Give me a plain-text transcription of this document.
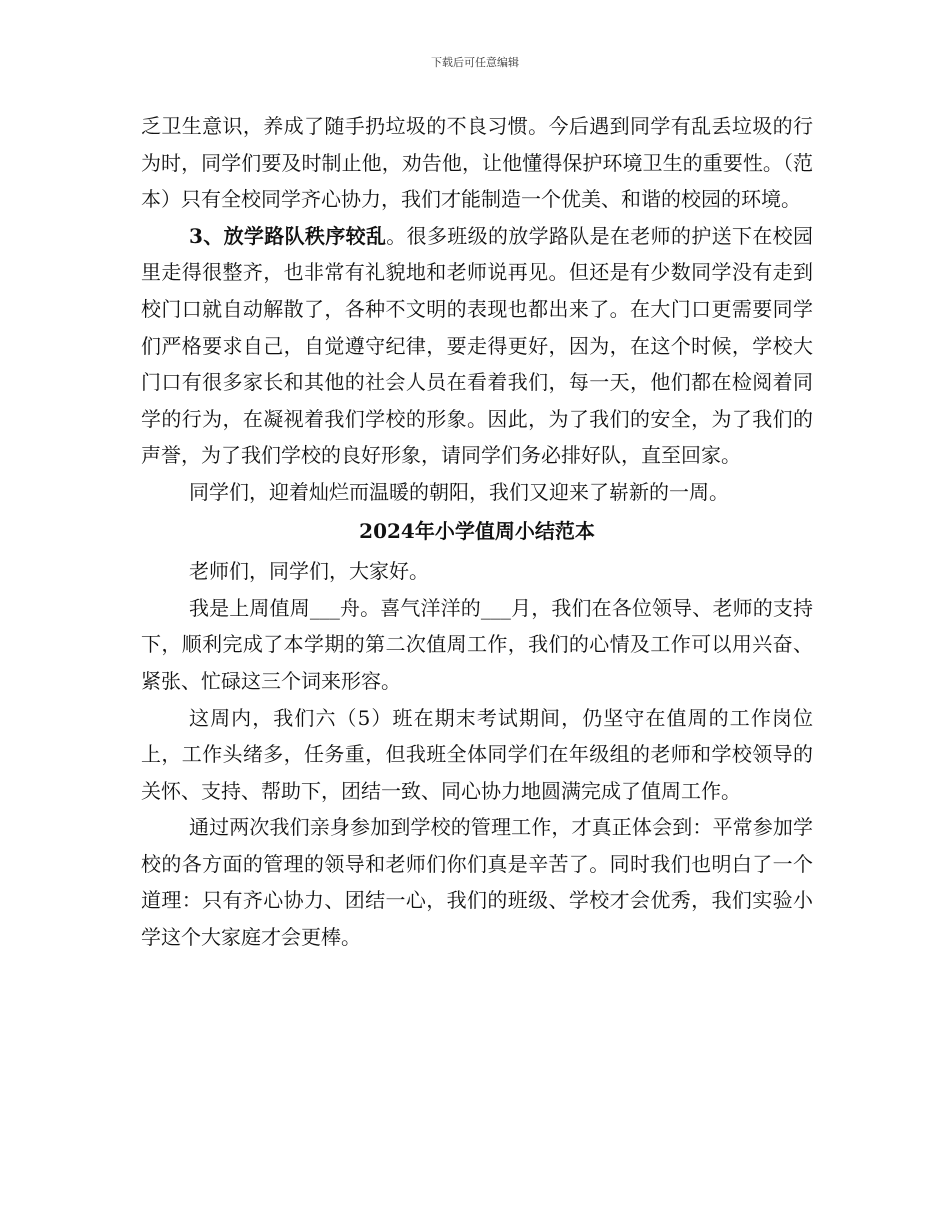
下载后可任意编辑

乏卫生意识，养成了随手扔垃圾的不良习惯。今后遇到同学有乱丢垃圾的行为时，同学们要及时制止他，劝告他，让他懂得保护环境卫生的重要性。（范本）只有全校同学齐心协力，我们才能制造一个优美、和谐的校园的环境。

3、放学路队秩序较乱。很多班级的放学路队是在老师的护送下在校园里走得很整齐，也非常有礼貌地和老师说再见。但还是有少数同学没有走到校门口就自动解散了，各种不文明的表现也都出来了。在大门口更需要同学们严格要求自己，自觉遵守纪律，要走得更好，因为，在这个时候，学校大门口有很多家长和其他的社会人员在看着我们，每一天，他们都在检阅着同学的行为，在凝视着我们学校的形象。因此，为了我们的安全，为了我们的声誉，为了我们学校的良好形象，请同学们务必排好队，直至回家。

同学们，迎着灿烂而温暖的朝阳，我们又迎来了崭新的一周。

2024年小学值周小结范本

老师们，同学们，大家好。

我是上周值周___舟。喜气洋洋的___月，我们在各位领导、老师的支持下，顺利完成了本学期的第二次值周工作，我们的心情及工作可以用兴奋、紧张、忙碌这三个词来形容。

这周内，我们六（5）班在期末考试期间，仍坚守在值周的工作岗位上，工作头绪多，任务重，但我班全体同学们在年级组的老师和学校领导的关怀、支持、帮助下，团结一致、同心协力地圆满完成了值周工作。

通过两次我们亲身参加到学校的管理工作，才真正体会到：平常参加学校的各方面的管理的领导和老师们你们真是辛苦了。同时我们也明白了一个道理：只有齐心协力、团结一心，我们的班级、学校才会优秀，我们实验小学这个大家庭才会更棒。
